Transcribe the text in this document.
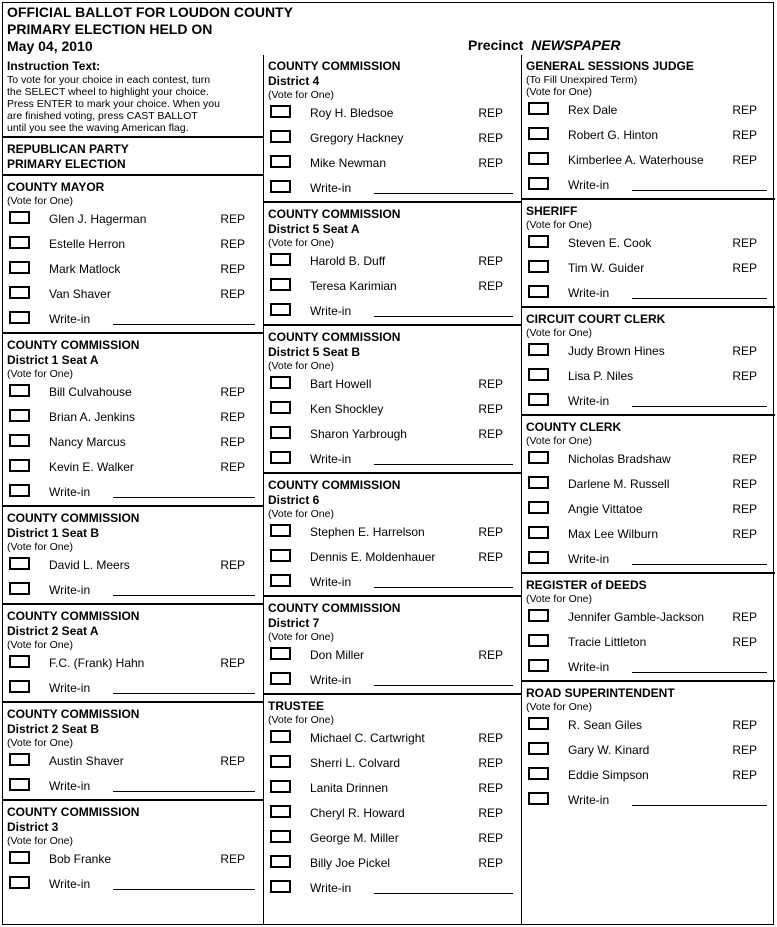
OFFICIAL BALLOT FOR LOUDON COUNTY
PRIMARY ELECTION HELD ON
May 04, 2010	Precinct NEWSPAPER
Instruction Text:
To vote for your choice in each contest, turn
the SELECT wheel to highlight your choice.
Press ENTER to mark your choice. When you
are finished voting, press CAST BALLOT
until you see the waving American flag.
REPUBLICAN PARTY
PRIMARY ELECTION
COUNTY MAYOR
(Vote for One)
Glen J. Hagerman	REP
Estelle Herron	REP
Mark Matlock	REP
Van Shaver	REP
Write-in
COUNTY COMMISSION
District 1 Seat A
(Vote for One)
Bill Culvahouse	REP
Brian A. Jenkins	REP
Nancy Marcus	REP
Kevin E. Walker	REP
Write-in
COUNTY COMMISSION
District 1 Seat B
(Vote for One)
David L. Meers	REP
Write-in
COUNTY COMMISSION
District 2 Seat A
(Vote for One)
F.C. (Frank) Hahn	REP
Write-in
COUNTY COMMISSION
District 2 Seat B
(Vote for One)
Austin Shaver	REP
Write-in
COUNTY COMMISSION
District 3
(Vote for One)
Bob Franke	REP
Write-in
COUNTY COMMISSION
District 4
(Vote for One)
Roy H. Bledsoe	REP
Gregory Hackney	REP
Mike Newman	REP
Write-in
COUNTY COMMISSION
District 5 Seat A
(Vote for One)
Harold B. Duff	REP
Teresa Karimian	REP
Write-in
COUNTY COMMISSION
District 5 Seat B
(Vote for One)
Bart Howell	REP
Ken Shockley	REP
Sharon Yarbrough	REP
Write-in
COUNTY COMMISSION
District 6
(Vote for One)
Stephen E. Harrelson	REP
Dennis E. Moldenhauer	REP
Write-in
COUNTY COMMISSION
District 7
(Vote for One)
Don Miller	REP
Write-in
TRUSTEE
(Vote for One)
Michael C. Cartwright	REP
Sherri L. Colvard	REP
Lanita Drinnen	REP
Cheryl R. Howard	REP
George M. Miller	REP
Billy Joe Pickel	REP
Write-in
GENERAL SESSIONS JUDGE
(To Fill Unexpired Term)
(Vote for One)
Rex Dale	REP
Robert G. Hinton	REP
Kimberlee A. Waterhouse REP
Write-in
SHERIFF
(Vote for One)
Steven E. Cook	REP
Tim W. Guider	REP
Write-in
CIRCUIT COURT CLERK
(Vote for One)
Judy Brown Hines	REP
Lisa P. Niles	REP
Write-in
COUNTY CLERK
(Vote for One)
Nicholas Bradshaw	REP
Darlene M. Russell	REP
Angie Vittatoe	REP
Max Lee Wilburn	REP
Write-in
REGISTER of DEEDS
(Vote for One)
Jennifer Gamble-Jackson REP
Tracie Littleton	REP
Write-in
ROAD SUPERINTENDENT
(Vote for One)
R. Sean Giles	REP
Gary W. Kinard	REP
Eddie Simpson	REP
Write-in
